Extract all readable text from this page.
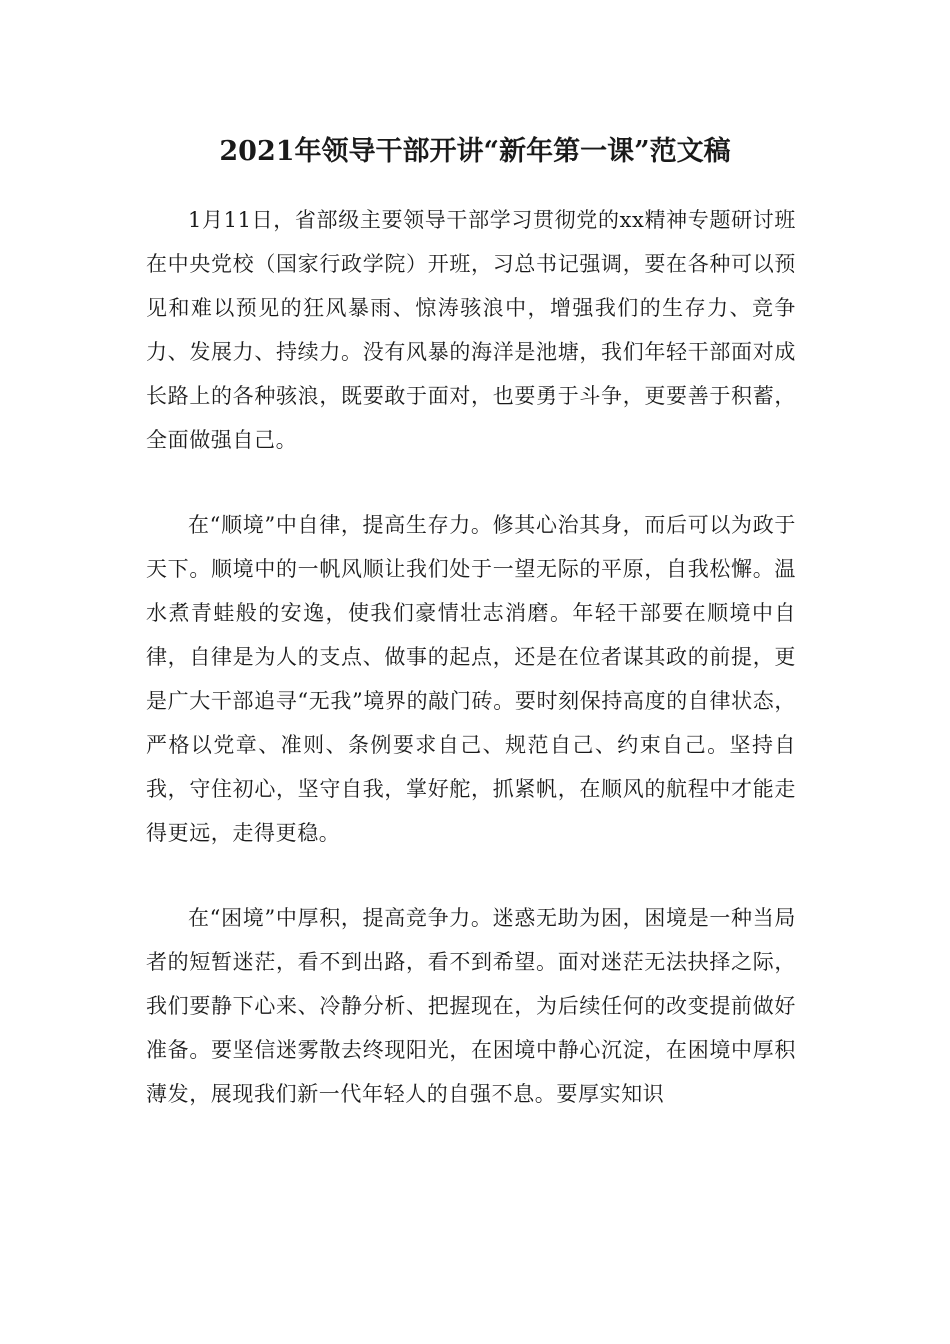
2021年领导干部开讲“新年第一课”范文稿

1月11日，省部级主要领导干部学习贯彻党的xx精神专题研讨班在中央党校（国家行政学院）开班，习总书记强调，要在各种可以预见和难以预见的狂风暴雨、惊涛骇浪中，增强我们的生存力、竞争力、发展力、持续力。没有风暴的海洋是池塘，我们年轻干部面对成长路上的各种骇浪，既要敢于面对，也要勇于斗争，更要善于积蓄，全面做强自己。

在“顺境”中自律，提高生存力。修其心治其身，而后可以为政于天下。顺境中的一帆风顺让我们处于一望无际的平原，自我松懈。温水煮青蛙般的安逸，使我们豪情壮志消磨。年轻干部要在顺境中自律，自律是为人的支点、做事的起点，还是在位者谋其政的前提，更是广大干部追寻“无我”境界的敲门砖。要时刻保持高度的自律状态，严格以党章、准则、条例要求自己、规范自己、约束自己。坚持自我，守住初心，坚守自我，掌好舵，抓紧帆，在顺风的航程中才能走得更远，走得更稳。

在“困境”中厚积，提高竞争力。迷惑无助为困，困境是一种当局者的短暂迷茫，看不到出路，看不到希望。面对迷茫无法抉择之际，我们要静下心来、冷静分析、把握现在，为后续任何的改变提前做好准备。要坚信迷雾散去终现阳光，在困境中静心沉淀，在困境中厚积薄发，展现我们新一代年轻人的自强不息。要厚实知识
